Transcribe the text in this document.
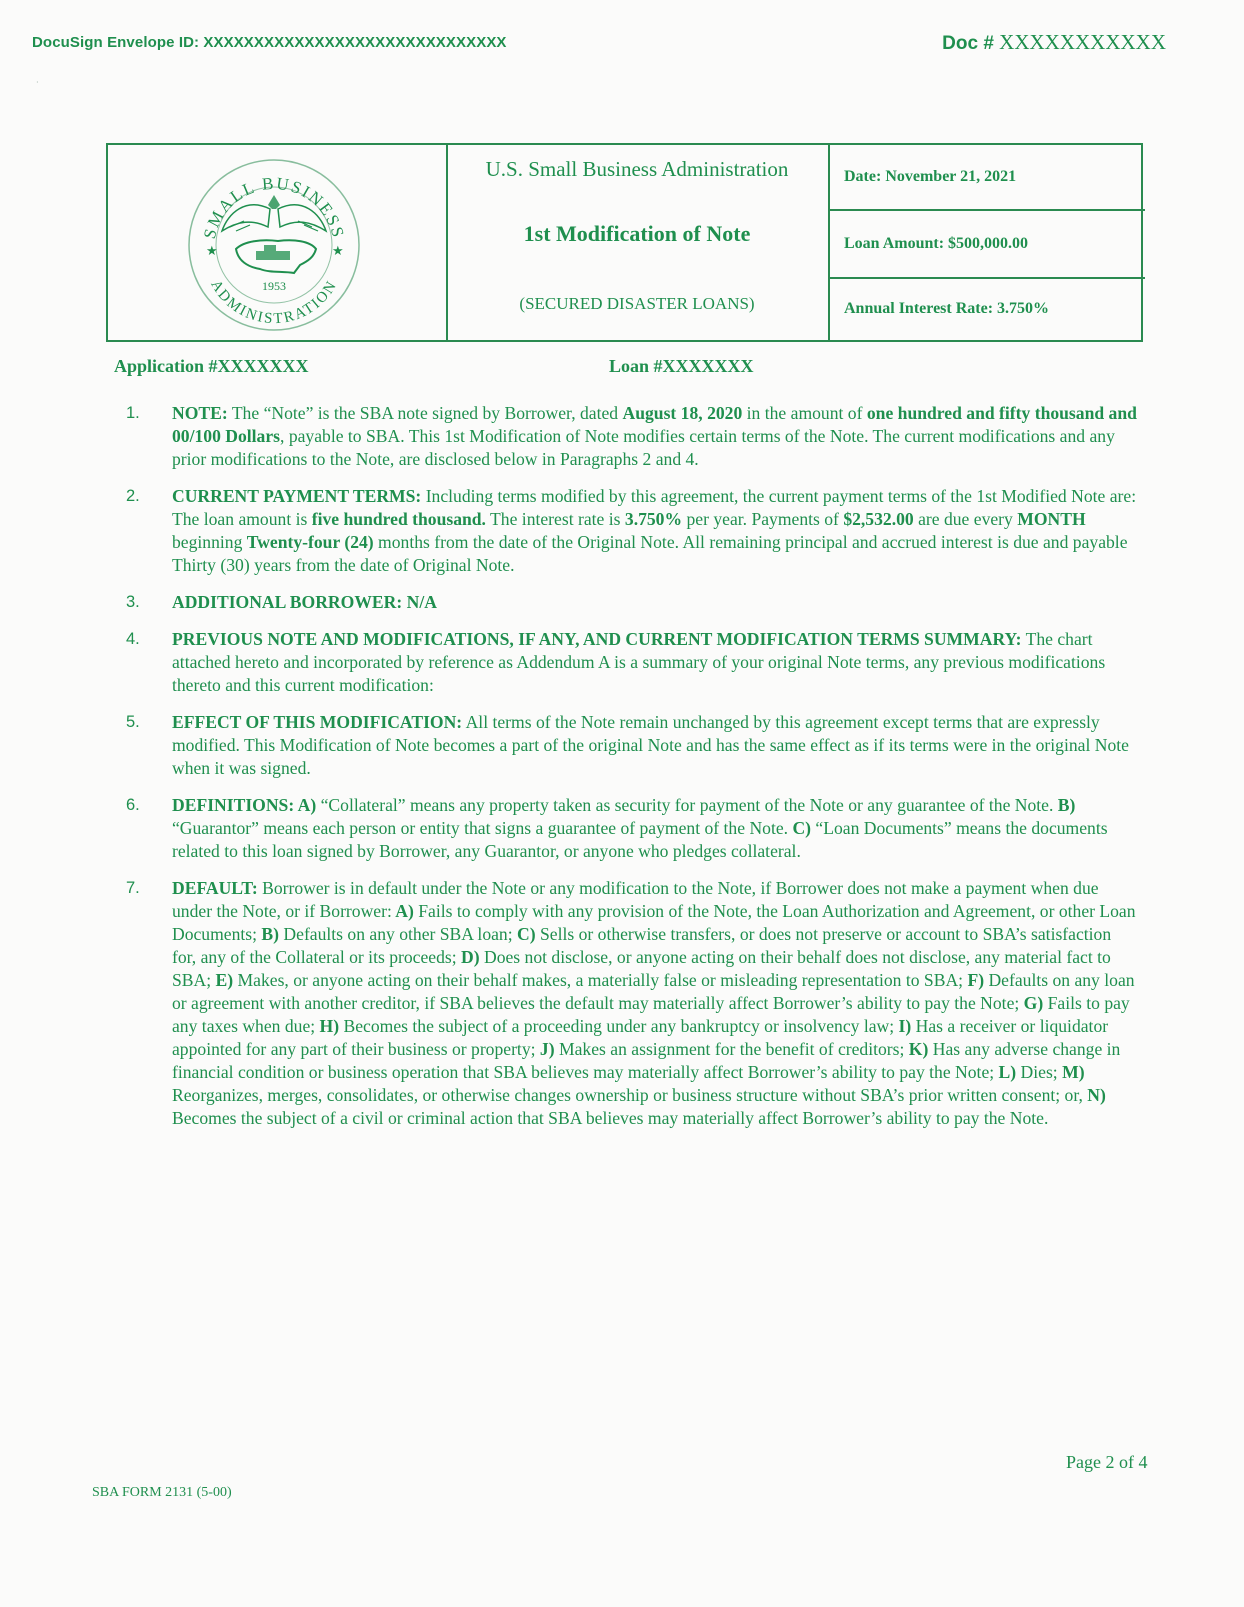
DocuSign Envelope ID: XXXXXXXXXXXXXXXXXXXXXXXXXXXXXX	Doc # XXXXXXXXXXX
·
SMALL BUSINESS
ADMINISTRATION
★	★
1953
U.S. Small Business Administration
1st Modification of Note
(SECURED DISASTER LOANS)
Date: November 21, 2021
Loan Amount: $500,000.00
Annual Interest Rate: 3.750%
Application #XXXXXXX	Loan #XXXXXXX
1. NOTE: The “Note” is the SBA note signed by Borrower, dated August 18, 2020 in the amount of one hundred and fifty thousand and 00/100 Dollars, payable to SBA. This 1st Modification of Note modifies certain terms of the Note. The current modifications and any prior modifications to the Note, are disclosed below in Paragraphs 2 and 4.
2. CURRENT PAYMENT TERMS: Including terms modified by this agreement, the current payment terms of the 1st Modified Note are: The loan amount is five hundred thousand. The interest rate is 3.750% per year. Payments of $2,532.00 are due every MONTH beginning Twenty-four (24) months from the date of the Original Note. All remaining principal and accrued interest is due and payable Thirty (30) years from the date of Original Note.
3. ADDITIONAL BORROWER: N/A
4. PREVIOUS NOTE AND MODIFICATIONS, IF ANY, AND CURRENT MODIFICATION TERMS SUMMARY: The chart attached hereto and incorporated by reference as Addendum A is a summary of your original Note terms, any previous modifications thereto and this current modification:
5. EFFECT OF THIS MODIFICATION: All terms of the Note remain unchanged by this agreement except terms that are expressly modified. This Modification of Note becomes a part of the original Note and has the same effect as if its terms were in the original Note when it was signed.
6. DEFINITIONS: A) “Collateral” means any property taken as security for payment of the Note or any guarantee of the Note. B) “Guarantor” means each person or entity that signs a guarantee of payment of the Note. C) “Loan Documents” means the documents related to this loan signed by Borrower, any Guarantor, or anyone who pledges collateral.
7. DEFAULT: Borrower is in default under the Note or any modification to the Note, if Borrower does not make a payment when due under the Note, or if Borrower: A) Fails to comply with any provision of the Note, the Loan Authorization and Agreement, or other Loan Documents; B) Defaults on any other SBA loan; C) Sells or otherwise transfers, or does not preserve or account to SBA’s satisfaction for, any of the Collateral or its proceeds; D) Does not disclose, or anyone acting on their behalf does not disclose, any material fact to SBA; E) Makes, or anyone acting on their behalf makes, a materially false or misleading representation to SBA; F) Defaults on any loan or agreement with another creditor, if SBA believes the default may materially affect Borrower’s ability to pay the Note; G) Fails to pay any taxes when due; H) Becomes the subject of a proceeding under any bankruptcy or insolvency law; I) Has a receiver or liquidator appointed for any part of their business or property; J) Makes an assignment for the benefit of creditors; K) Has any adverse change in financial condition or business operation that SBA believes may materially affect Borrower’s ability to pay the Note; L) Dies; M) Reorganizes, merges, consolidates, or otherwise changes ownership or business structure without SBA’s prior written consent; or, N) Becomes the subject of a civil or criminal action that SBA believes may materially affect Borrower’s ability to pay the Note.
Page 2 of 4
SBA FORM 2131 (5-00)
